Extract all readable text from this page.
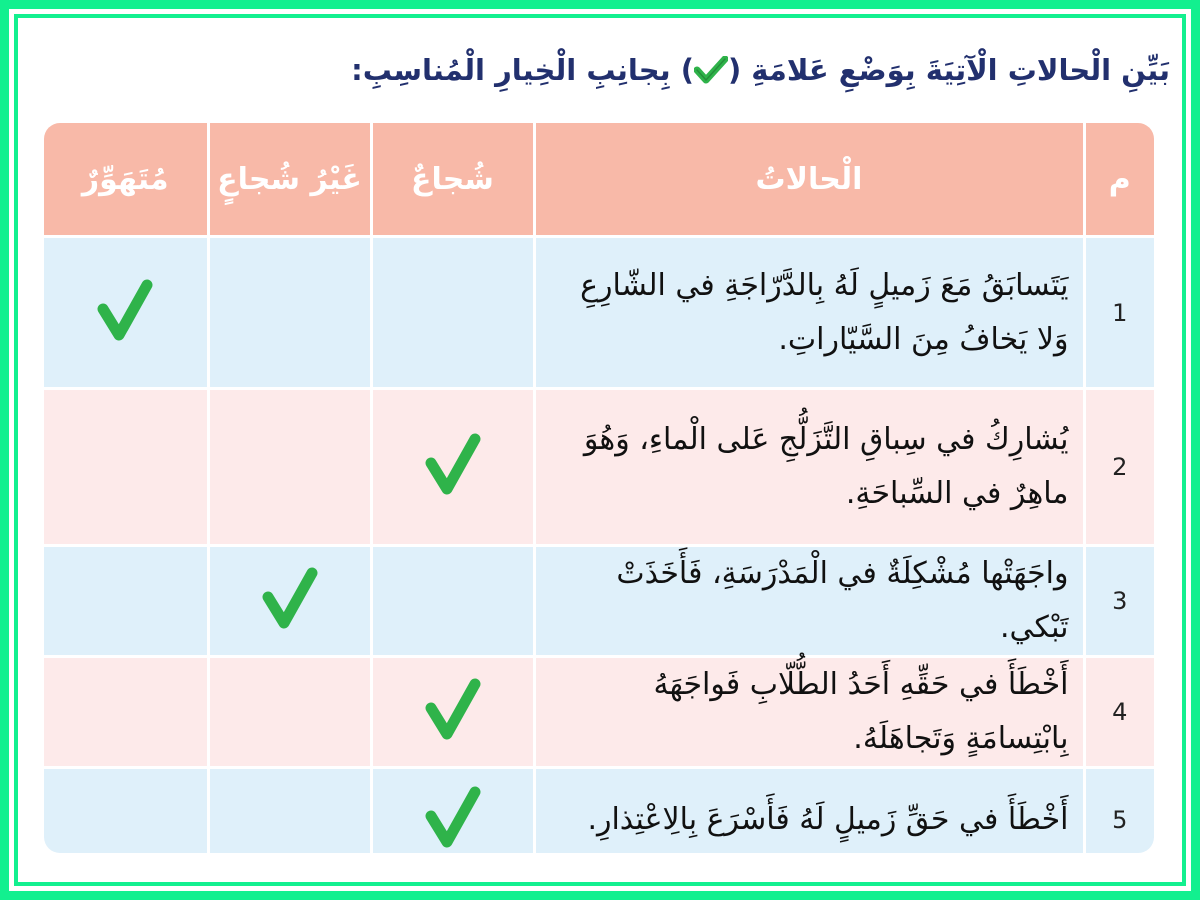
بَيِّنِ الْحالاتِ الْآتِيَةَ بِوَضْعِ عَلامَةِ () بِجانِبِ الْخِيارِ الْمُناسِبِ:
م	الْحالاتُ	شُجاعٌ	غَيْرُ شُجاعٍ	مُتَهَوِّرٌ
1	يَتَسابَقُ مَعَ زَميلٍ لَهُ بِالدَّرّاجَةِ في الشّارِعِ وَلا يَخافُ مِنَ السَّيّاراتِ.			

2	يُشارِكُ في سِباقِ التَّزَلُّجِ عَلى الْماءِ، وَهُوَ ماهِرٌ في السِّباحَةِ.	

3	واجَهَتْها مُشْكِلَةٌ في الْمَدْرَسَةِ، فَأَخَذَتْ تَبْكي.		

4	أَخْطَأَ في حَقِّهِ أَحَدُ الطُّلّابِ فَواجَهَهُ بِابْتِسامَةٍ وَتَجاهَلَهُ.	

5	أَخْطَأَ في حَقِّ زَميلٍ لَهُ فَأَسْرَعَ بِالِاعْتِذارِ.	
